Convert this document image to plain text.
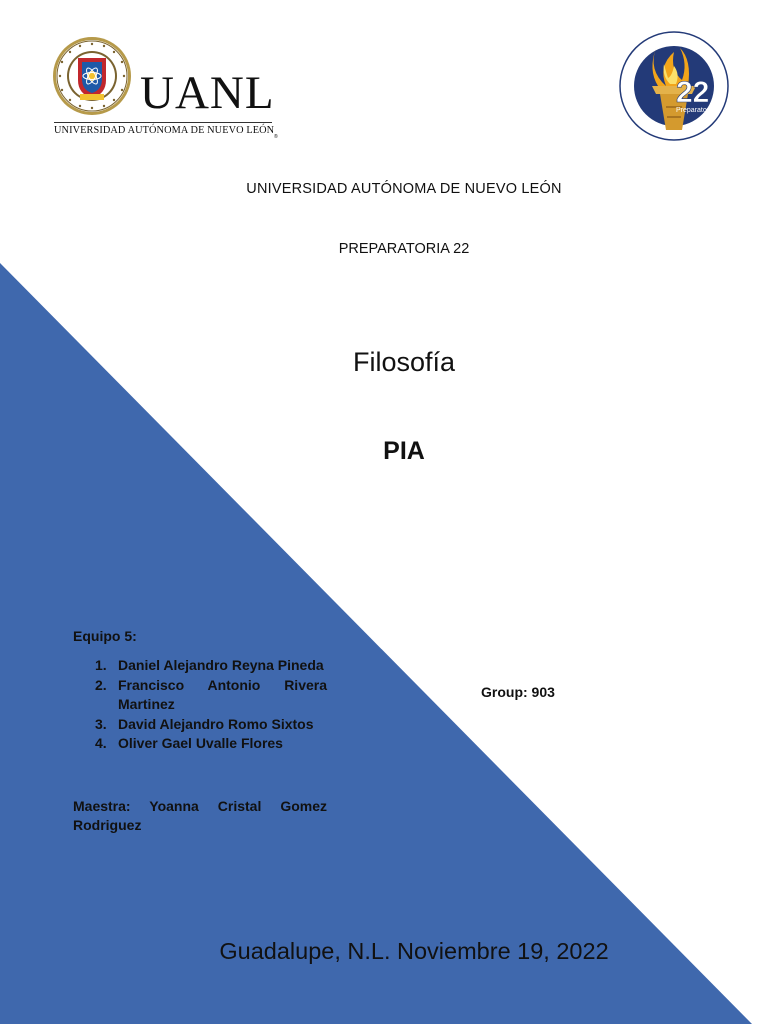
UANL
UNIVERSIDAD AUTÓNOMA DE NUEVO LEÓN
®
22
Preparatoria
UNIVERSIDAD AUTÓNOMA DE NUEVO LEÓN
PREPARATORIA 22
Filosofía
PIA
Equipo 5:
1. Daniel Alejandro Reyna Pineda
2. Francisco Antonio Rivera Martinez
3. David Alejandro Romo Sixtos
4. Oliver Gael Uvalle Flores
Maestra: Yoanna Cristal Gomez Rodriguez
Group: 903
Guadalupe, N.L. Noviembre 19, 2022
